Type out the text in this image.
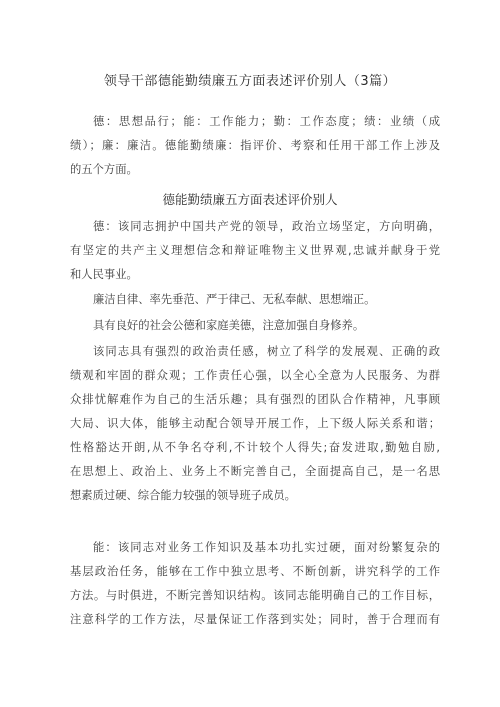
领导干部德能勤绩廉五方面表述评价别人（3篇）
德：思想品行；能：工作能力；勤：工作态度；绩：业绩（成
绩）；廉：廉洁。德能勤绩廉：指评价、考察和任用干部工作上涉及
的五个方面。
德能勤绩廉五方面表述评价别人
德：该同志拥护中国共产党的领导，政治立场坚定，方向明确，
有坚定的共产主义理想信念和辩证唯物主义世界观,忠诚并献身于党
和人民事业。
廉洁自律、率先垂范、严于律己、无私奉献、思想端正。
具有良好的社会公德和家庭美德，注意加强自身修养。
该同志具有强烈的政治责任感，树立了科学的发展观、正确的政
绩观和牢固的群众观；工作责任心强，以全心全意为人民服务、为群
众排忧解难作为自己的生活乐趣；具有强烈的团队合作精神，凡事顾
大局、识大体，能够主动配合领导开展工作，上下级人际关系和谐；
性格豁达开朗,从不争名夺利,不计较个人得失;奋发进取,勤勉自励,
在思想上、政治上、业务上不断完善自己，全面提高自己，是一名思
想素质过硬、综合能力较强的领导班子成员。
能：该同志对业务工作知识及基本功扎实过硬，面对纷繁复杂的
基层政治任务，能够在工作中独立思考、不断创新，讲究科学的工作
方法。与时俱进，不断完善知识结构。该同志能明确自己的工作目标，
注意科学的工作方法，尽量保证工作落到实处；同时，善于合理而有
